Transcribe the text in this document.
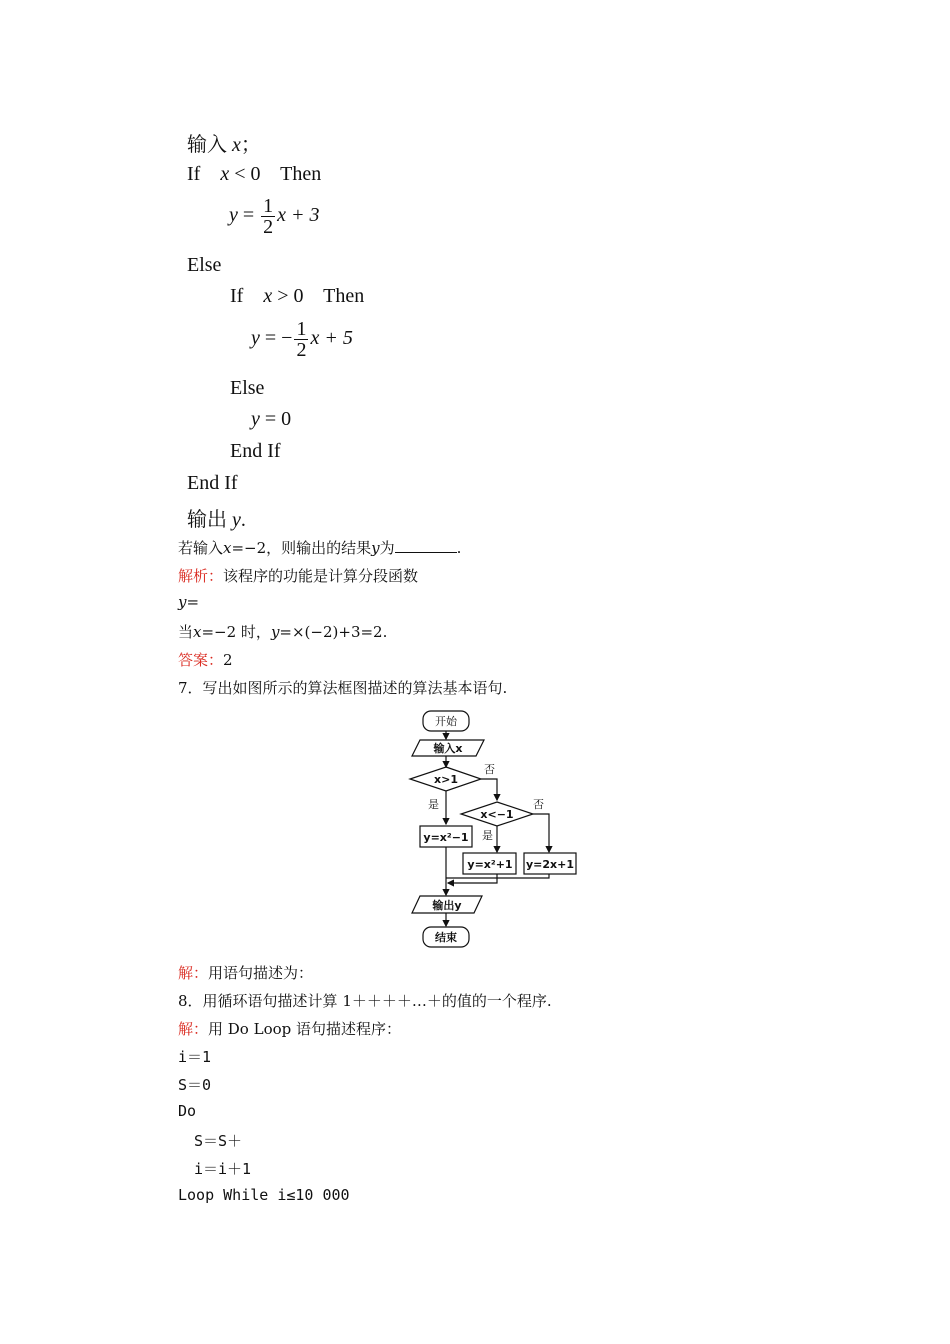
输入 x；
If x < 0 Then
$y = \frac{1}{2}$ x + 3
Else
If x > 0 Then
y = − $\frac{1}{2}$ x + 5
Else
y = 0
End If
End If
输出 y.
若输入x=−2，则输出的结果y为	.
解析：该程序的功能是计算分段函数
y=
当x=−2 时，y=×(−2)+3=2.
答案：2
7．写出如图所示的算法框图描述的算法基本语句.
开始
输入x
x>1
否
是
x<−1
否
是
y=x²−1
y=x²+1 y=2x+1
输出y
结束
解：用语句描述为：
8．用循环语句描述计算 1＋＋＋＋…＋的值的一个程序.
解：用 Do Loop 语句描述程序：
i＝1
S＝0
Do
S＝S＋
i＝i＋1
Loop While i≤10 000
